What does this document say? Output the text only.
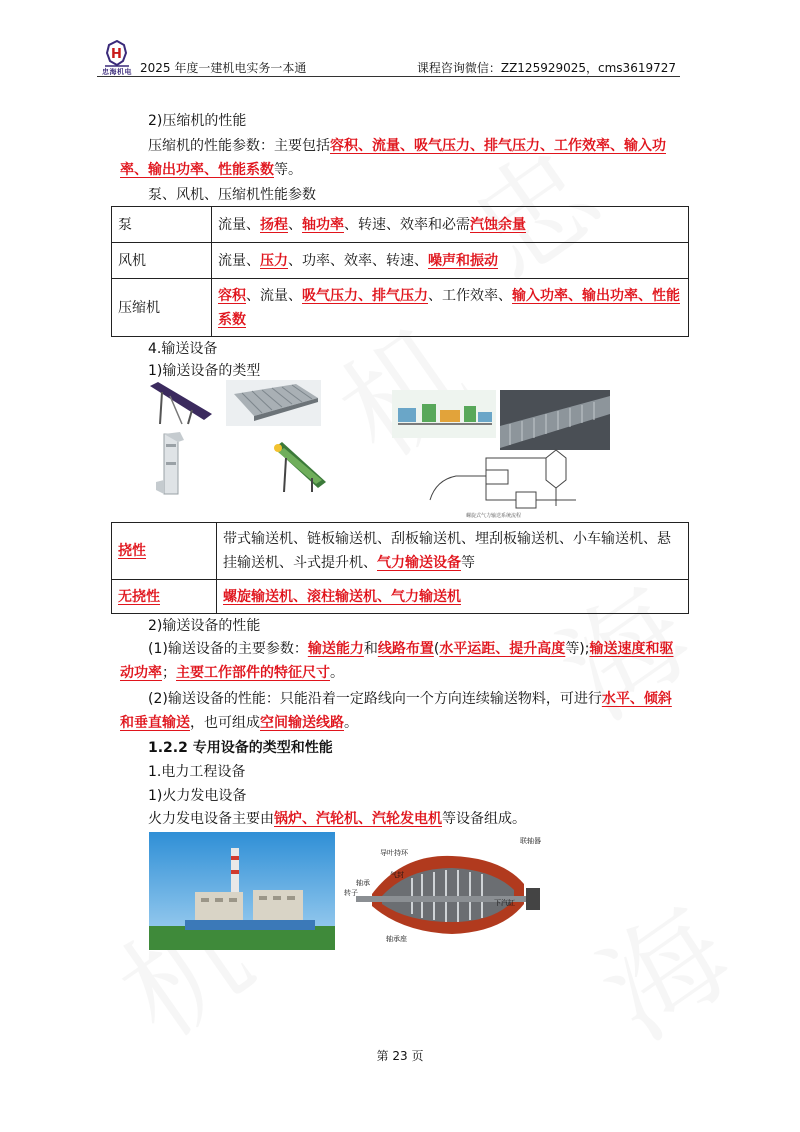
H
忠海机电 2025 年度一建机电实务一本通	课程咨询微信：ZZ125929025，cms3619727
2)压缩机的性能
压缩机的性能参数：主要包括容积、流量、吸气压力、排气压力、工作效率、输入功
率、输出功率、性能系数等。
泵、风机、压缩机性能参数
泵	流量、扬程、轴功率、转速、效率和必需汽蚀余量
风机	流量、压力、功率、效率、转速、噪声和振动
压缩机	容积、流量、吸气压力、排气压力、工作效率、输入功率、输出功率、性能
系数
4.输送设备
1)输送设备的类型
螺旋式气力输送系统流程
挠性	带式输送机、链板输送机、刮板输送机、埋刮板输送机、小车输送机、悬
挂输送机、斗式提升机、气力输送设备等
无挠性	螺旋输送机、滚柱输送机、气力输送机
2)输送设备的性能
(1)输送设备的主要参数：输送能力和线路布置(水平运距、提升高度等);输送速度和驱
动功率；主要工作部件的特征尺寸。
(2)输送设备的性能：只能沿着一定路线向一个方向连续输送物料，可进行水平、倾斜
和垂直输送，也可组成空间输送线路。
1.2.2 专用设备的类型和性能
1.电力工程设备
1)火力发电设备
火力发电设备主要由锅炉、汽轮机、汽轮发电机等设备组成。
导叶持环
联轴器
轴承
气封
转子
下汽缸
轴承座
第 23 页
